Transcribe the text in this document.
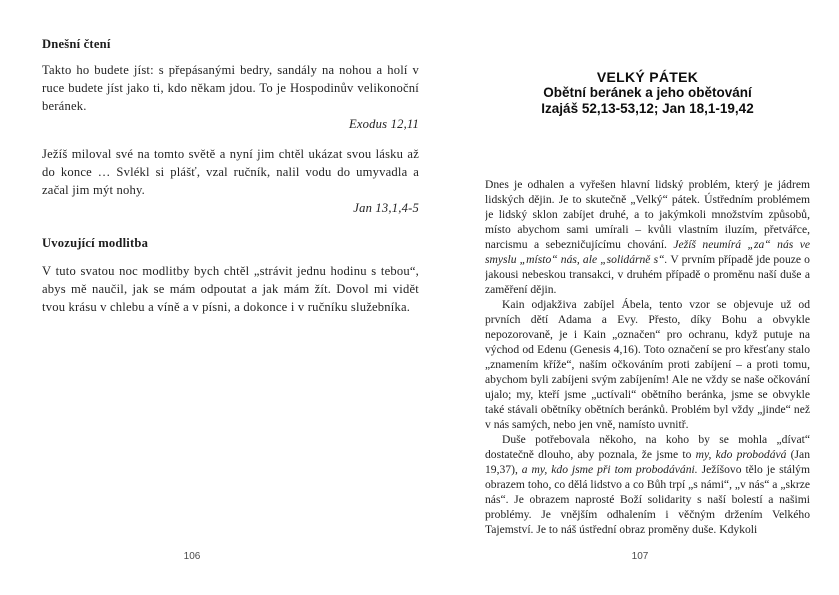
Dnešní čtení
Takto ho budete jíst: s přepásanými bedry, sandály na nohou a holí v ruce budete jíst jako ti, kdo někam jdou. To je Hospodinův velikonoční beránek.
Exodus 12,11
Ježíš miloval své na tomto světě a nyní jim chtěl ukázat svou lásku až do konce … Svlékl si plášť, vzal ručník, nalil vodu do umyvadla a začal jim mýt nohy.
Jan 13,1,4-5
Uvozující modlitba
V tuto svatou noc modlitby bych chtěl „strávit jednu hodinu s tebou“, abys mě naučil, jak se mám odpoutat a jak mám žít. Dovol mi vidět tvou krásu v chlebu a víně a v písni, a dokonce i v ručníku služebníka.
VELKÝ PÁTEK
Obětní beránek a jeho obětování
Izajáš 52,13-53,12; Jan 18,1-19,42

Dnes je odhalen a vyřešen hlavní lidský problém, který je jádrem lidských dějin. Je to skutečně „Velký“ pátek. Ústředním problémem je lidský sklon zabíjet druhé, a to jakýmkoli množstvím způsobů, místo abychom sami umírali – kvůli vlastním iluzím, přetvářce, narcismu a sebezničujícímu chování. Ježíš neumírá „za“ nás ve smyslu „místo“ nás, ale „solidárně s“. V prvním případě jde pouze o jakousi nebeskou transakci, v druhém případě o proměnu naší duše a zaměření dějin.

Kain odjakživa zabíjel Ábela, tento vzor se objevuje už od prvních dětí Adama a Evy. Přesto, díky Bohu a obvykle nepozorovaně, je i Kain „označen“ pro ochranu, když putuje na východ od Edenu (Genesis 4,16). Toto označení se pro křesťany stalo „znamením kříže“, naším očkováním proti zabíjení – a proti tomu, abychom byli zabíjeni svým zabíjením! Ale ne vždy se naše očkování ujalo; my, kteří jsme „uctívali“ obětního beránka, jsme se obvykle také stávali obětníky obětních beránků. Problém byl vždy „jinde“ než v nás samých, nebo jen vně, namísto uvnitř.

Duše potřebovala někoho, na koho by se mohla „dívat“ dostatečně dlouho, aby poznala, že jsme to my, kdo probodává (Jan 19,37), a my, kdo jsme při tom probodáváni. Ježíšovo tělo je stálým obrazem toho, co dělá lidstvo a co Bůh trpí „s námi“, „v nás“ a „skrze nás“. Je obrazem naprosté Boží solidarity s naší bolestí a našimi problémy. Je vnějším odhalením i věčným držením Velkého Tajemství. Je to náš ústřední obraz proměny duše. Kdykoli

106	107
